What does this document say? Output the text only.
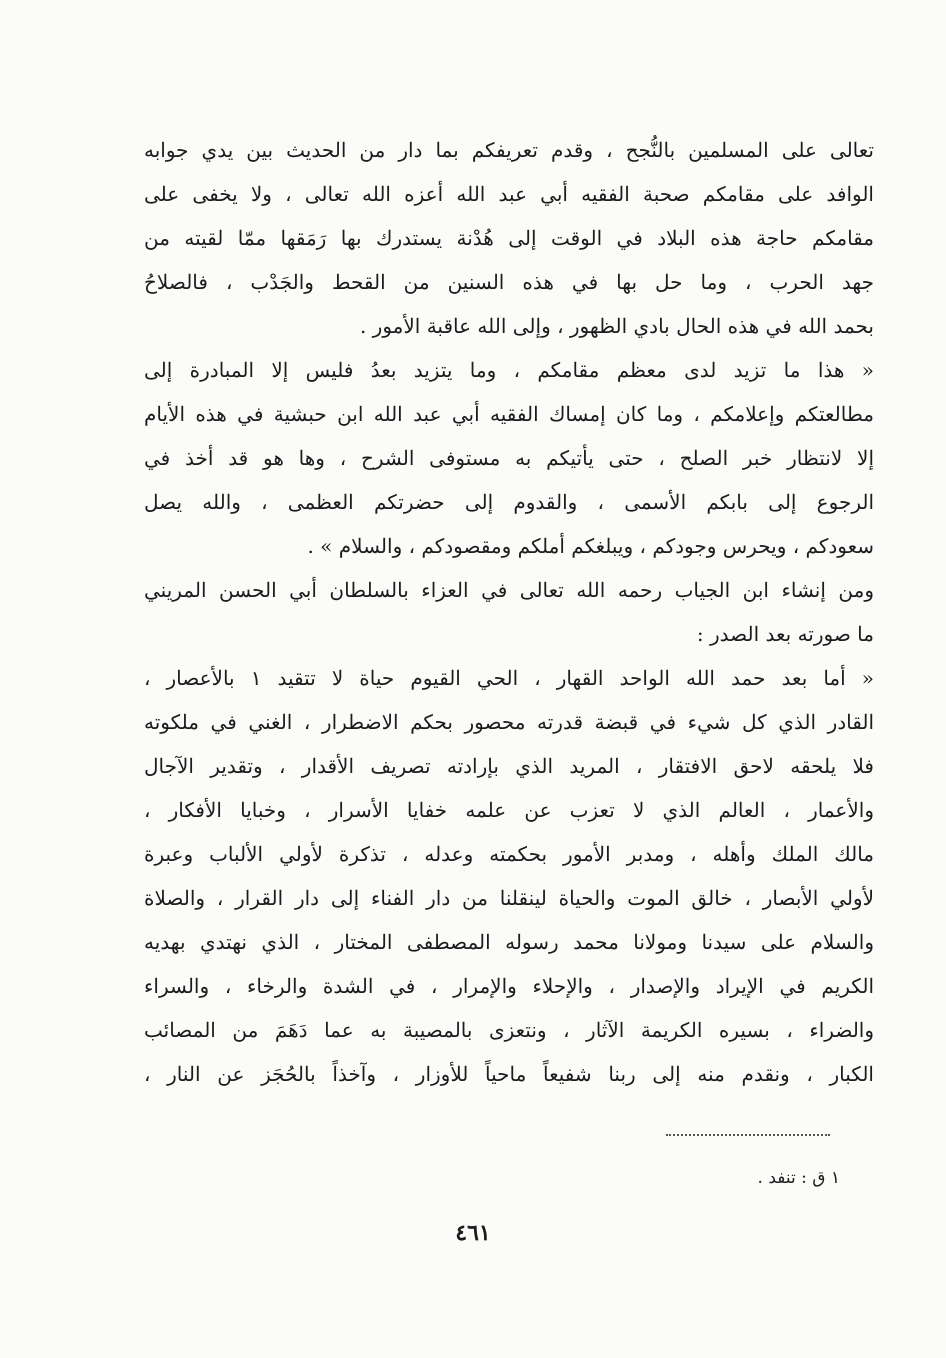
تعالى على المسلمين بالنُّجح ، وقدم تعريفكم بما دار من الحديث بين يدي جوابه
الوافد على مقامكم صحبة الفقيه أبي عبد الله أعزه الله تعالى ، ولا يخفى على
مقامكم حاجة هذه البلاد في الوقت إلى هُدْنة يستدرك بها رَمَقها ممّا لقيته من
جهد الحرب ، وما حل بها في هذه السنين من القحط والجَدْب ، فالصلاحُ
بحمد الله في هذه الحال بادي الظهور ، وإلى الله عاقبة الأمور .
« هذا ما تزيد لدى معظم مقامكم ، وما يتزيد بعدُ فليس إلا المبادرة إلى
مطالعتكم وإعلامكم ، وما كان إمساك الفقيه أبي عبد الله ابن حبشية في هذه الأيام
إلا لانتظار خبر الصلح ، حتى يأتيكم به مستوفى الشرح ، وها هو قد أخذ في
الرجوع إلى بابكم الأسمى ، والقدوم إلى حضرتكم العظمى ، والله يصل
سعودكم ، ويحرس وجودكم ، ويبلغكم أملكم ومقصودكم ، والسلام » .
ومن إنشاء ابن الجياب رحمه الله تعالى في العزاء بالسلطان أبي الحسن المريني
ما صورته بعد الصدر :
« أما بعد حمد الله الواحد القهار ، الحي القيوم حياة لا تتقيد ١ بالأعصار ،
القادر الذي كل شيء في قبضة قدرته محصور بحكم الاضطرار ، الغني في ملكوته
فلا يلحقه لاحق الافتقار ، المريد الذي بإرادته تصريف الأقدار ، وتقدير الآجال
والأعمار ، العالم الذي لا تعزب عن علمه خفايا الأسرار ، وخبايا الأفكار ،
مالك الملك وأهله ، ومدبر الأمور بحكمته وعدله ، تذكرة لأولي الألباب وعبرة
لأولي الأبصار ، خالق الموت والحياة لينقلنا من دار الفناء إلى دار القرار ، والصلاة
والسلام على سيدنا ومولانا محمد رسوله المصطفى المختار ، الذي نهتدي بهديه
الكريم في الإيراد والإصدار ، والإحلاء والإمرار ، في الشدة والرخاء ، والسراء
والضراء ، بسيره الكريمة الآثار ، ونتعزى بالمصيبة به عما دَهَمَ من المصائب
الكبار ، ونقدم منه إلى ربنا شفيعاً ماحياً للأوزار ، وآخذاً بالحُجَز عن النار ،
١ ق : تنفد .
٤٦١
